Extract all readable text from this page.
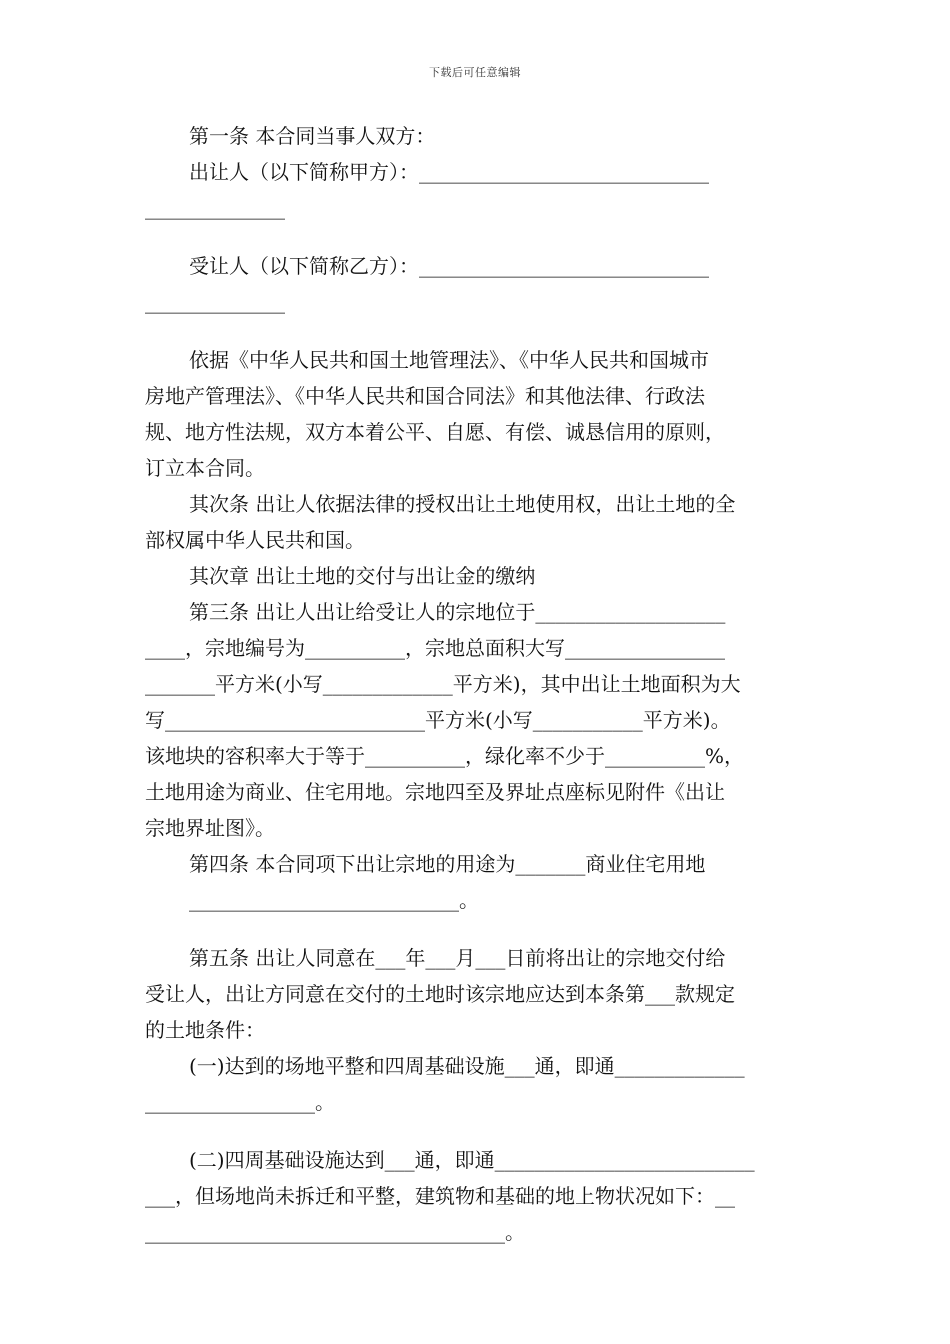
下载后可任意编辑
第一条 本合同当事人双方：
出让人（以下简称甲方）：_____________________________
______________
受让人（以下简称乙方）：_____________________________
______________
依据《中华人民共和国土地管理法》、《中华人民共和国城市
房地产管理法》、《中华人民共和国合同法》和其他法律、行政法
规、地方性法规，双方本着公平、自愿、有偿、诚恳信用的原则，
订立本合同。
其次条 出让人依据法律的授权出让土地使用权，出让土地的全
部权属中华人民共和国。
其次章 出让土地的交付与出让金的缴纳
第三条 出让人出让给受让人的宗地位于___________________
____，宗地编号为__________，宗地总面积大写________________
_______平方米(小写_____________平方米)，其中出让土地面积为大
写__________________________平方米(小写___________平方米)。
该地块的容积率大于等于__________，绿化率不少于__________%，
土地用途为商业、住宅用地。宗地四至及界址点座标见附件《出让
宗地界址图》。
第四条 本合同项下出让宗地的用途为_______商业住宅用地
___________________________。
第五条 出让人同意在___年___月___日前将出让的宗地交付给
受让人，出让方同意在交付的土地时该宗地应达到本条第___款规定
的土地条件：
(一)达到的场地平整和四周基础设施___通，即通_____________
_________________。
(二)四周基础设施达到___通，即通__________________________
___，但场地尚未拆迁和平整，建筑物和基础的地上物状况如下：__
____________________________________。
